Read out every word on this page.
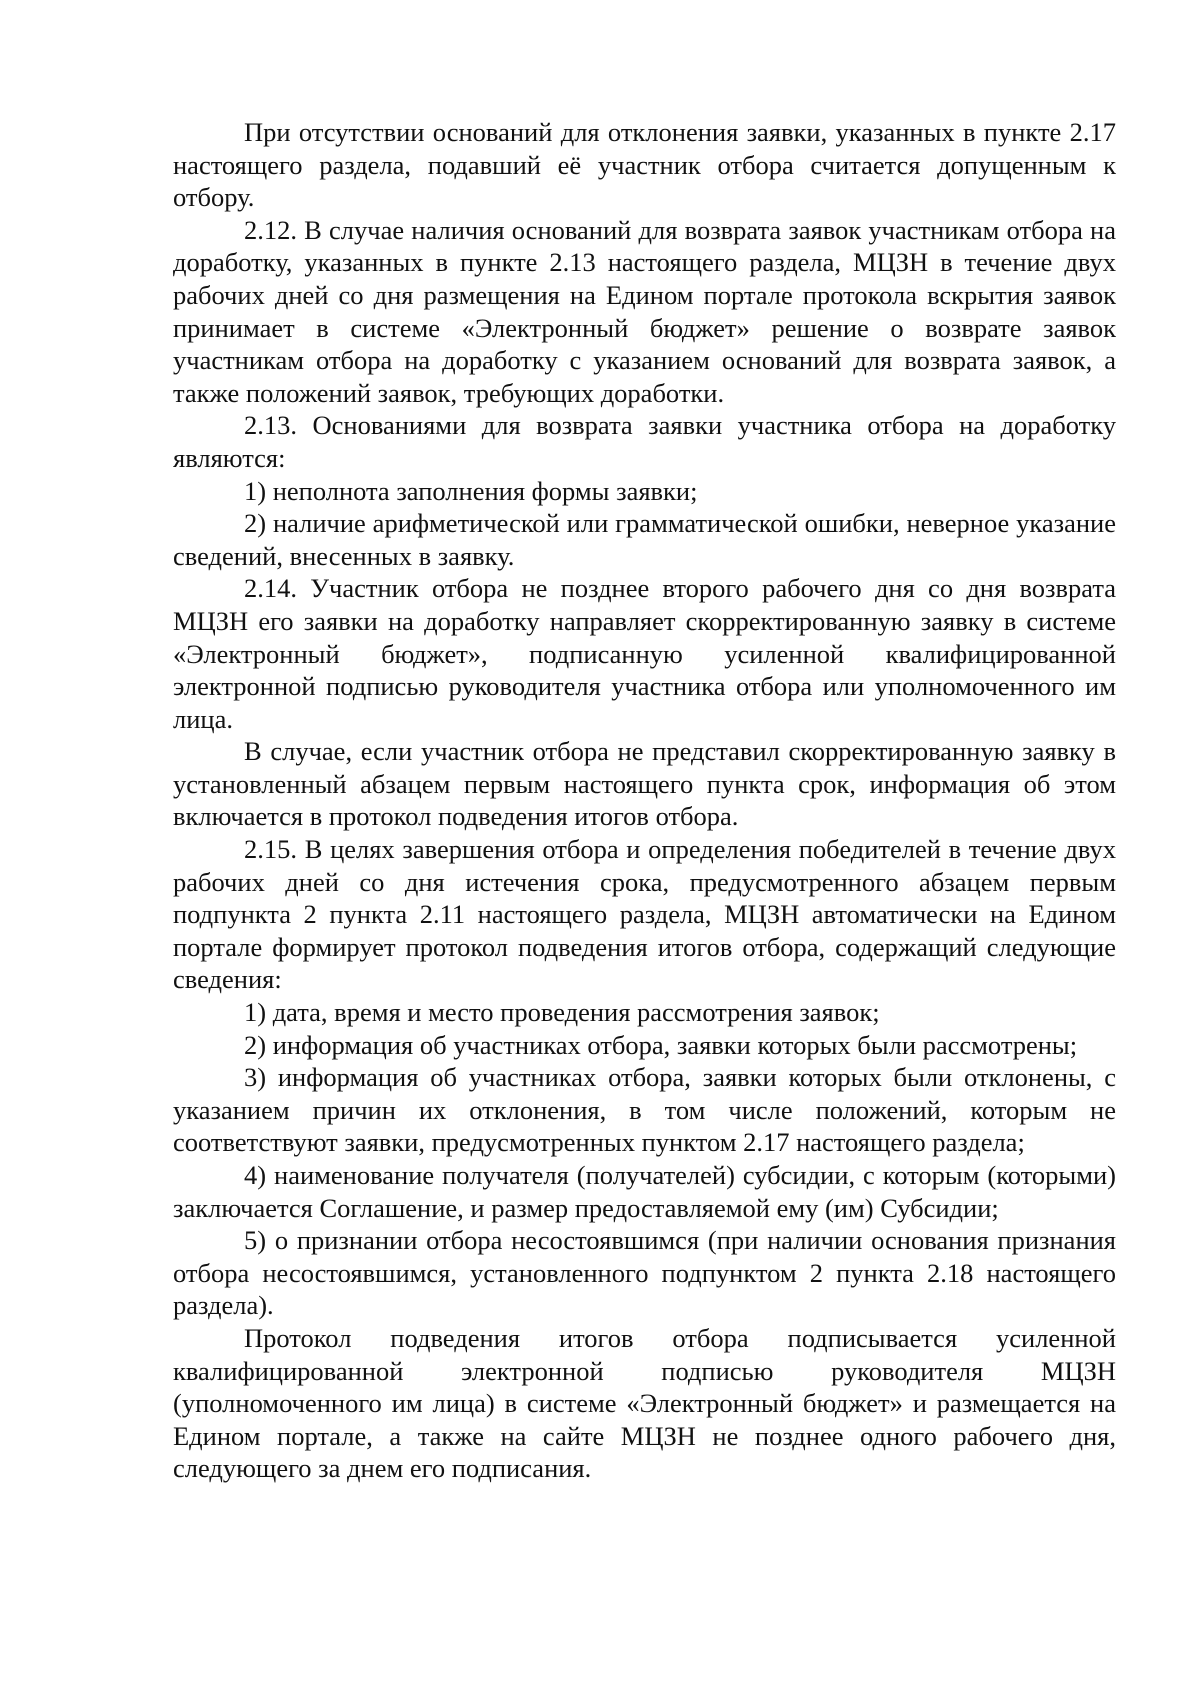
При отсутствии оснований для отклонения заявки, указанных в пункте 2.17 настоящего раздела, подавший её участник отбора считается допущенным к отбору.

2.12. В случае наличия оснований для возврата заявок участникам отбора на доработку, указанных в пункте 2.13 настоящего раздела, МЦЗН в течение двух рабочих дней со дня размещения на Едином портале протокола вскрытия заявок принимает в системе «Электронный бюджет» решение о возврате заявок участникам отбора на доработку с указанием оснований для возврата заявок, а также положений заявок, требующих доработки.

2.13. Основаниями для возврата заявки участника отбора на доработку являются:

1) неполнота заполнения формы заявки;

2) наличие арифметической или грамматической ошибки, неверное указание сведений, внесенных в заявку.

2.14. Участник отбора не позднее второго рабочего дня со дня возврата МЦЗН его заявки на доработку направляет скорректированную заявку в системе «Электронный бюджет», подписанную усиленной квалифицированной электронной подписью руководителя участника отбора или уполномоченного им лица.

В случае, если участник отбора не представил скорректированную заявку в установленный абзацем первым настоящего пункта срок, информация об этом включается в протокол подведения итогов отбора.

2.15. В целях завершения отбора и определения победителей в течение двух рабочих дней со дня истечения срока, предусмотренного абзацем первым подпункта 2 пункта 2.11 настоящего раздела, МЦЗН автоматически на Едином портале формирует протокол подведения итогов отбора, содержащий следующие сведения:

1) дата, время и место проведения рассмотрения заявок;

2) информация об участниках отбора, заявки которых были рассмотрены;

3) информация об участниках отбора, заявки которых были отклонены, с указанием причин их отклонения, в том числе положений, которым не соответствуют заявки, предусмотренных пунктом 2.17 настоящего раздела;

4) наименование получателя (получателей) субсидии, с которым (которыми) заключается Соглашение, и размер предоставляемой ему (им) Субсидии;

5) о признании отбора несостоявшимся (при наличии основания признания отбора несостоявшимся, установленного подпунктом 2 пункта 2.18 настоящего раздела).

Протокол подведения итогов отбора подписывается усиленной квалифицированной электронной подписью руководителя МЦЗН (уполномоченного им лица) в системе «Электронный бюджет» и размещается на Едином портале, а также на сайте МЦЗН не позднее одного рабочего дня, следующего за днем его подписания.
